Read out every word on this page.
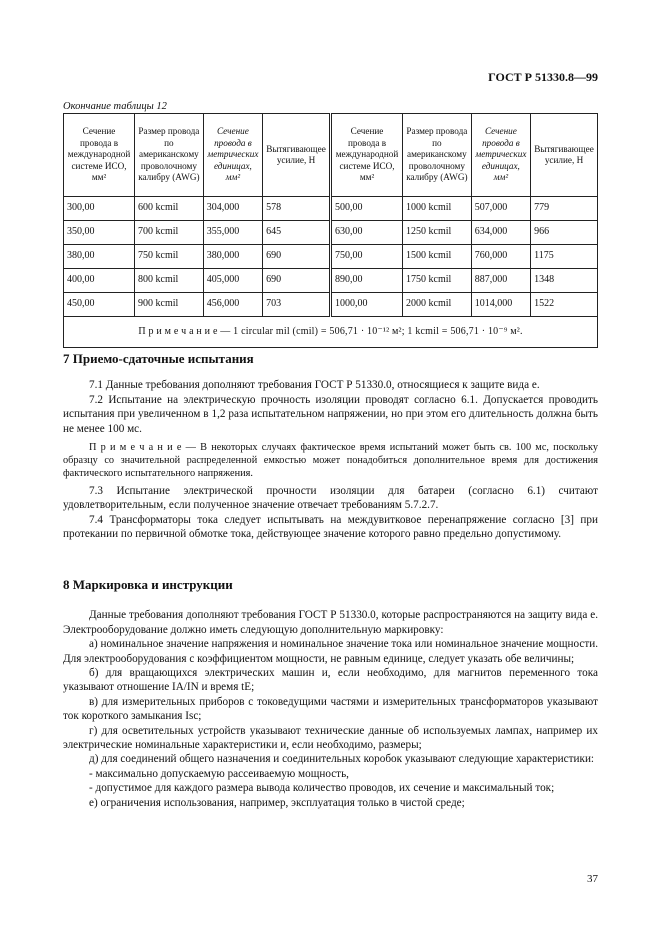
ГОСТ Р 51330.8—99
Окончание таблицы 12
Сечение провода в международной системе ИСО, мм²	Размер провода по американскому проволочному калибру (AWG)	Сечение провода в метрических единицах, мм²	Вытягивающее усилие, Н	Сечение провода в международной системе ИСО, мм²	Размер провода по американскому проволочному калибру (AWG)	Сечение провода в метрических единицах, мм²	Вытягивающее усилие, Н
300,00	600 kcmil	304,000	578	500,00	1000 kcmil	507,000	779
350,00	700 kcmil	355,000	645	630,00	1250 kcmil	634,000	966
380,00	750 kcmil	380,000	690	750,00	1500 kcmil	760,000	1175
400,00	800 kcmil	405,000	690	890,00	1750 kcmil	887,000	1348
450,00	900 kcmil	456,000	703	1000,00	2000 kcmil	1014,000	1522
П р и м е ч а н и е — 1 circular mil (cmil) = 506,71 · 10⁻¹² м²; 1 kcmil = 506,71 · 10⁻⁹ м².							
7 Приемо-сдаточные испытания

7.1 Данные требования дополняют требования ГОСТ Р 51330.0, относящиеся к защите вида е.

7.2 Испытание на электрическую прочность изоляции проводят согласно 6.1. Допускается проводить испытания при увеличенном в 1,2 раза испытательном напряжении, но при этом его длительность должна быть не менее 100 мс.

П р и м е ч а н и е — В некоторых случаях фактическое время испытаний может быть св. 100 мс, поскольку образцу со значительной распределенной емкостью может понадобиться дополнительное время для достижения фактического испытательного напряжения.

7.3 Испытание электрической прочности изоляции для батареи (согласно 6.1) считают удовлетворительным, если полученное значение отвечает требованиям 5.7.2.7.

7.4 Трансформаторы тока следует испытывать на междувитковое перенапряжение согласно [3] при протекании по первичной обмотке тока, действующее значение которого равно предельно допустимому.

8 Маркировка и инструкции

Данные требования дополняют требования ГОСТ Р 51330.0, которые распространяются на защиту вида е. Электрооборудование должно иметь следующую дополнительную маркировку:

а) номинальное значение напряжения и номинальное значение тока или номинальное значение мощности. Для электрооборудования с коэффициентом мощности, не равным единице, следует указать обе величины;

б) для вращающихся электрических машин и, если необходимо, для магнитов переменного тока указывают отношение IA/IN и время tE;

в) для измерительных приборов с токоведущими частями и измерительных трансформаторов указывают ток короткого замыкания Isc;

г) для осветительных устройств указывают технические данные об используемых лампах, например их электрические номинальные характеристики и, если необходимо, размеры;

д) для соединений общего назначения и соединительных коробок указывают следующие характеристики:

- максимально допускаемую рассеиваемую мощность,

- допустимое для каждого размера вывода количество проводов, их сечение и максимальный ток;

е) ограничения использования, например, эксплуатация только в чистой среде;

37
